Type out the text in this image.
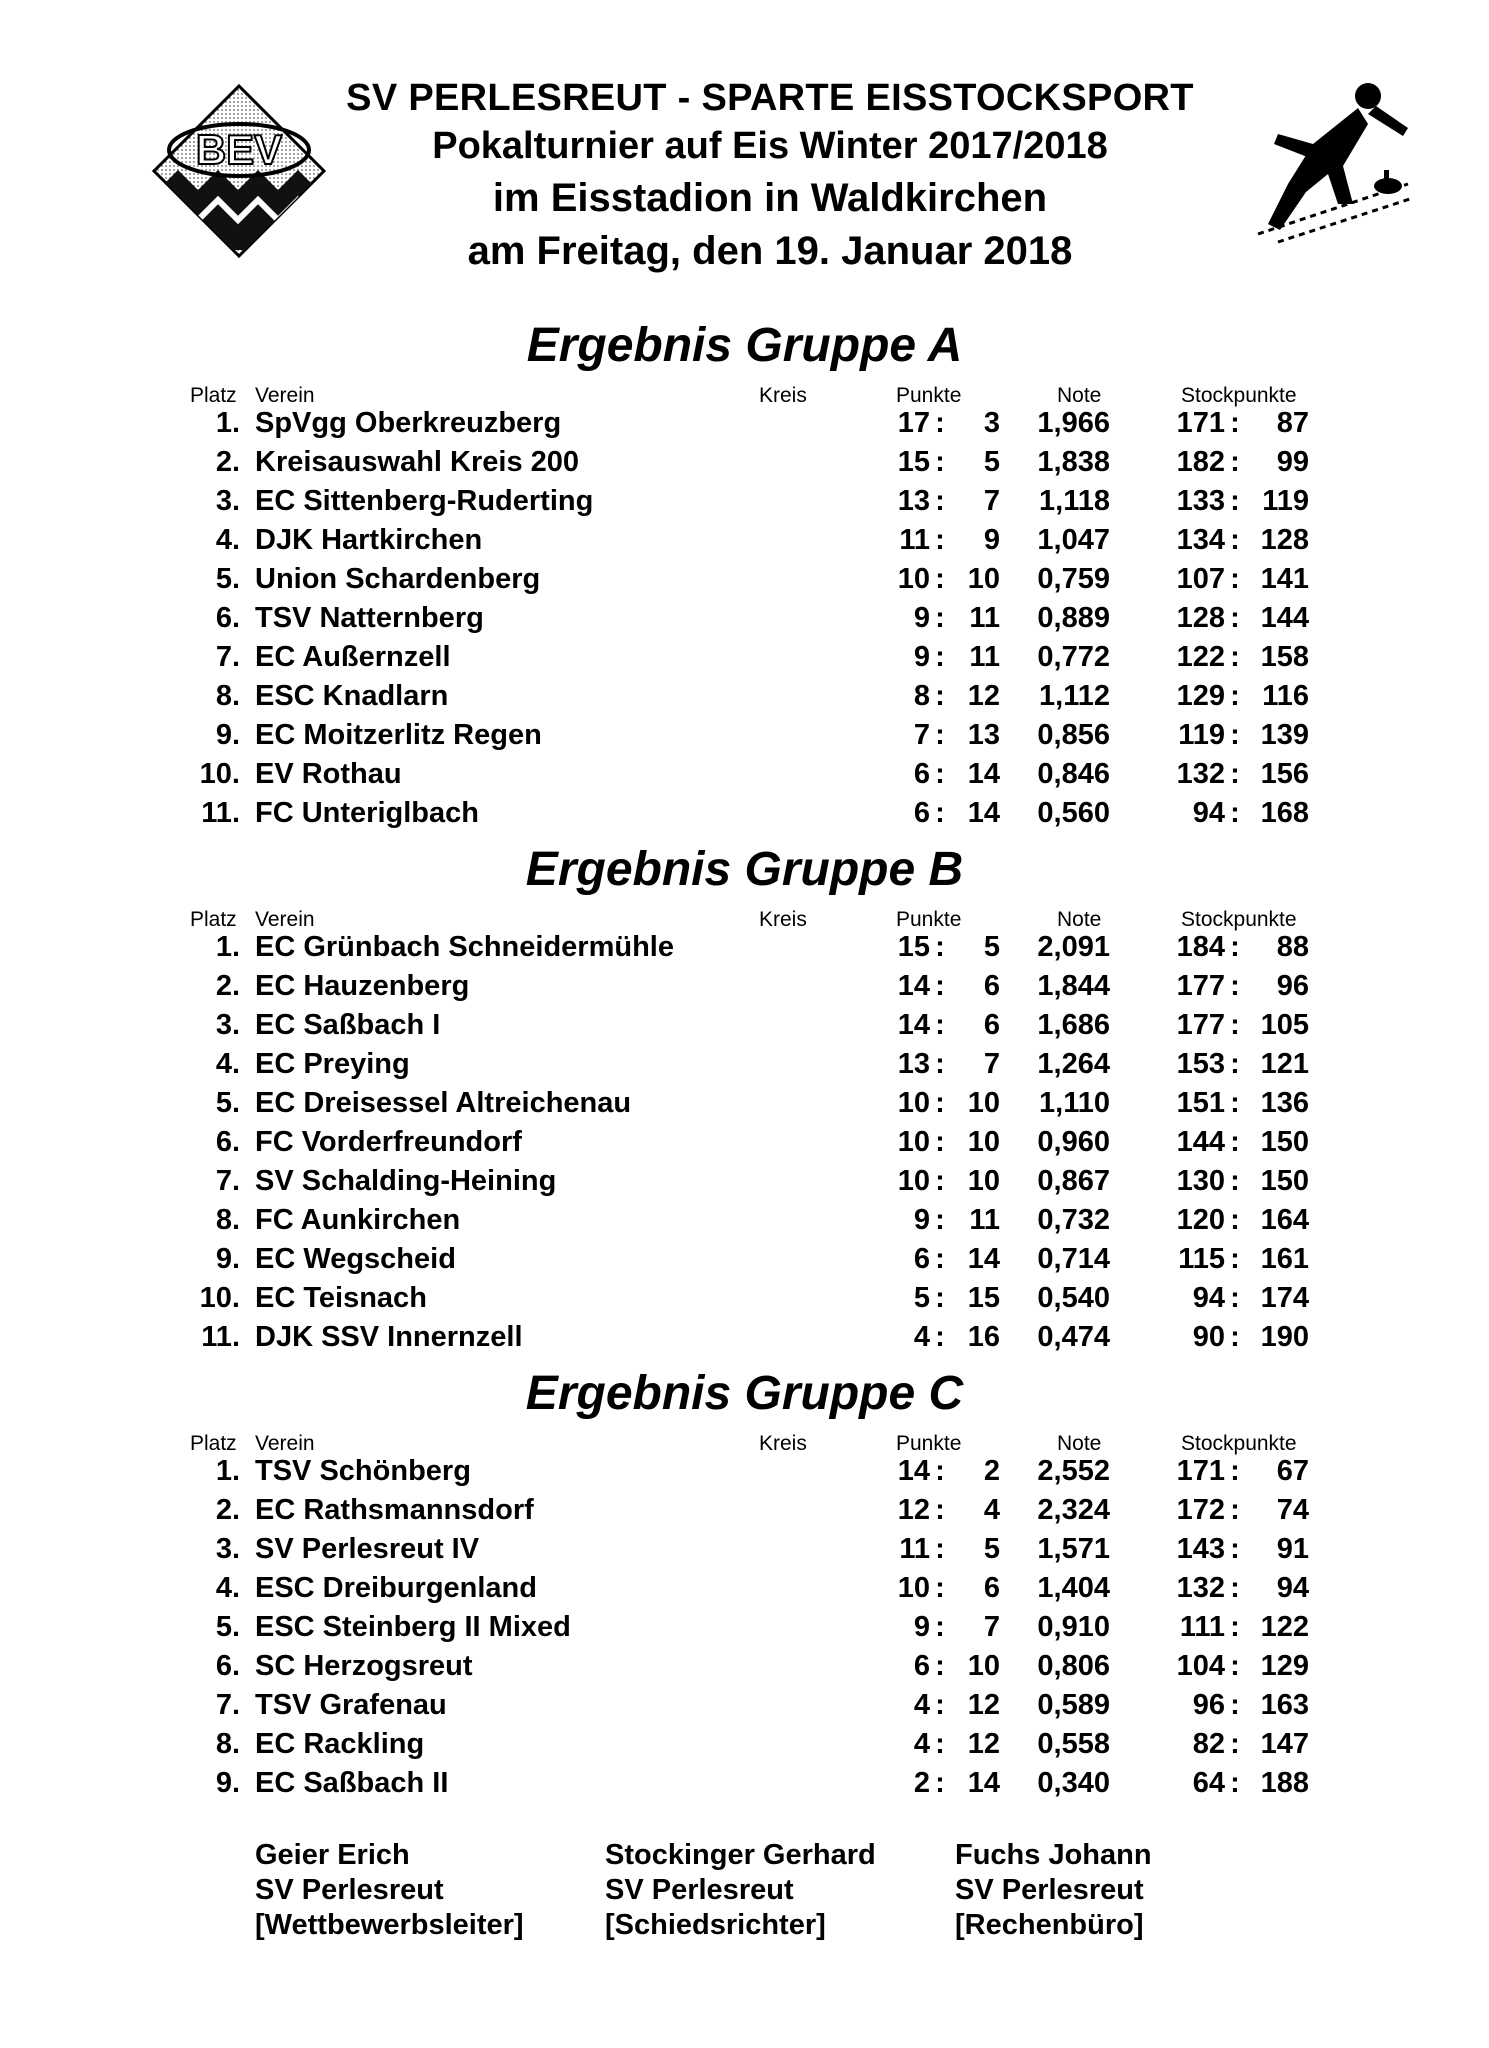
BEV
SV PERLESREUT - SPARTE EISSTOCKSPORT
Pokalturnier auf Eis Winter 2017/2018
im Eisstadion in Waldkirchen
am Freitag, den 19. Januar 2018
Ergebnis Gruppe A
Platz Verein	Kreis	Punkte	Note	Stockpunkte
1. SpVgg Oberkreuzberg	17 :	3	1,966	171 :	87
2. Kreisauswahl Kreis 200	15 :	5	1,838	182 :	99
3. EC Sittenberg-Ruderting	13 :	7	1,118	133 : 119
4. DJK Hartkirchen	11 :	9	1,047	134 : 128
5. Union Schardenberg	10 : 10	0,759	107 : 141
6. TSV Natternberg	9 : 11	0,889	128 : 144
7. EC Außernzell	9 : 11	0,772	122 : 158
8. ESC Knadlarn	8 : 12	1,112	129 : 116
9. EC Moitzerlitz Regen	7 : 13	0,856	119 : 139
10. EV Rothau	6 : 14	0,846	132 : 156
11. FC Unteriglbach	6 : 14	0,560	94 : 168
Ergebnis Gruppe B
Platz Verein	Kreis	Punkte	Note	Stockpunkte
1. EC Grünbach Schneidermühle	15 :	5	2,091	184 :	88
2. EC Hauzenberg	14 :	6	1,844	177 :	96
3. EC Saßbach I	14 :	6	1,686	177 : 105
4. EC Preying	13 :	7	1,264	153 : 121
5. EC Dreisessel Altreichenau	10 : 10	1,110	151 : 136
6. FC Vorderfreundorf	10 : 10	0,960	144 : 150
7. SV Schalding-Heining	10 : 10	0,867	130 : 150
8. FC Aunkirchen	9 : 11	0,732	120 : 164
9. EC Wegscheid	6 : 14	0,714	115 : 161
10. EC Teisnach	5 : 15	0,540	94 : 174
11. DJK SSV Innernzell	4 : 16	0,474	90 : 190
Ergebnis Gruppe C
Platz Verein	Kreis	Punkte	Note	Stockpunkte
1. TSV Schönberg	14 :	2	2,552	171 :	67
2. EC Rathsmannsdorf	12 :	4	2,324	172 :	74
3. SV Perlesreut IV	11 :	5	1,571	143 :	91
4. ESC Dreiburgenland	10 :	6	1,404	132 :	94
5. ESC Steinberg II Mixed	9 :	7	0,910	111 : 122
6. SC Herzogsreut	6 : 10	0,806	104 : 129
7. TSV Grafenau	4 : 12	0,589	96 : 163
8. EC Rackling	4 : 12	0,558	82 : 147
9. EC Saßbach II	2 : 14	0,340	64 : 188
Geier Erich
SV Perlesreut
[Wettbewerbsleiter]
Stockinger Gerhard
SV Perlesreut
[Schiedsrichter]
Fuchs Johann
SV Perlesreut
[Rechenbüro]
